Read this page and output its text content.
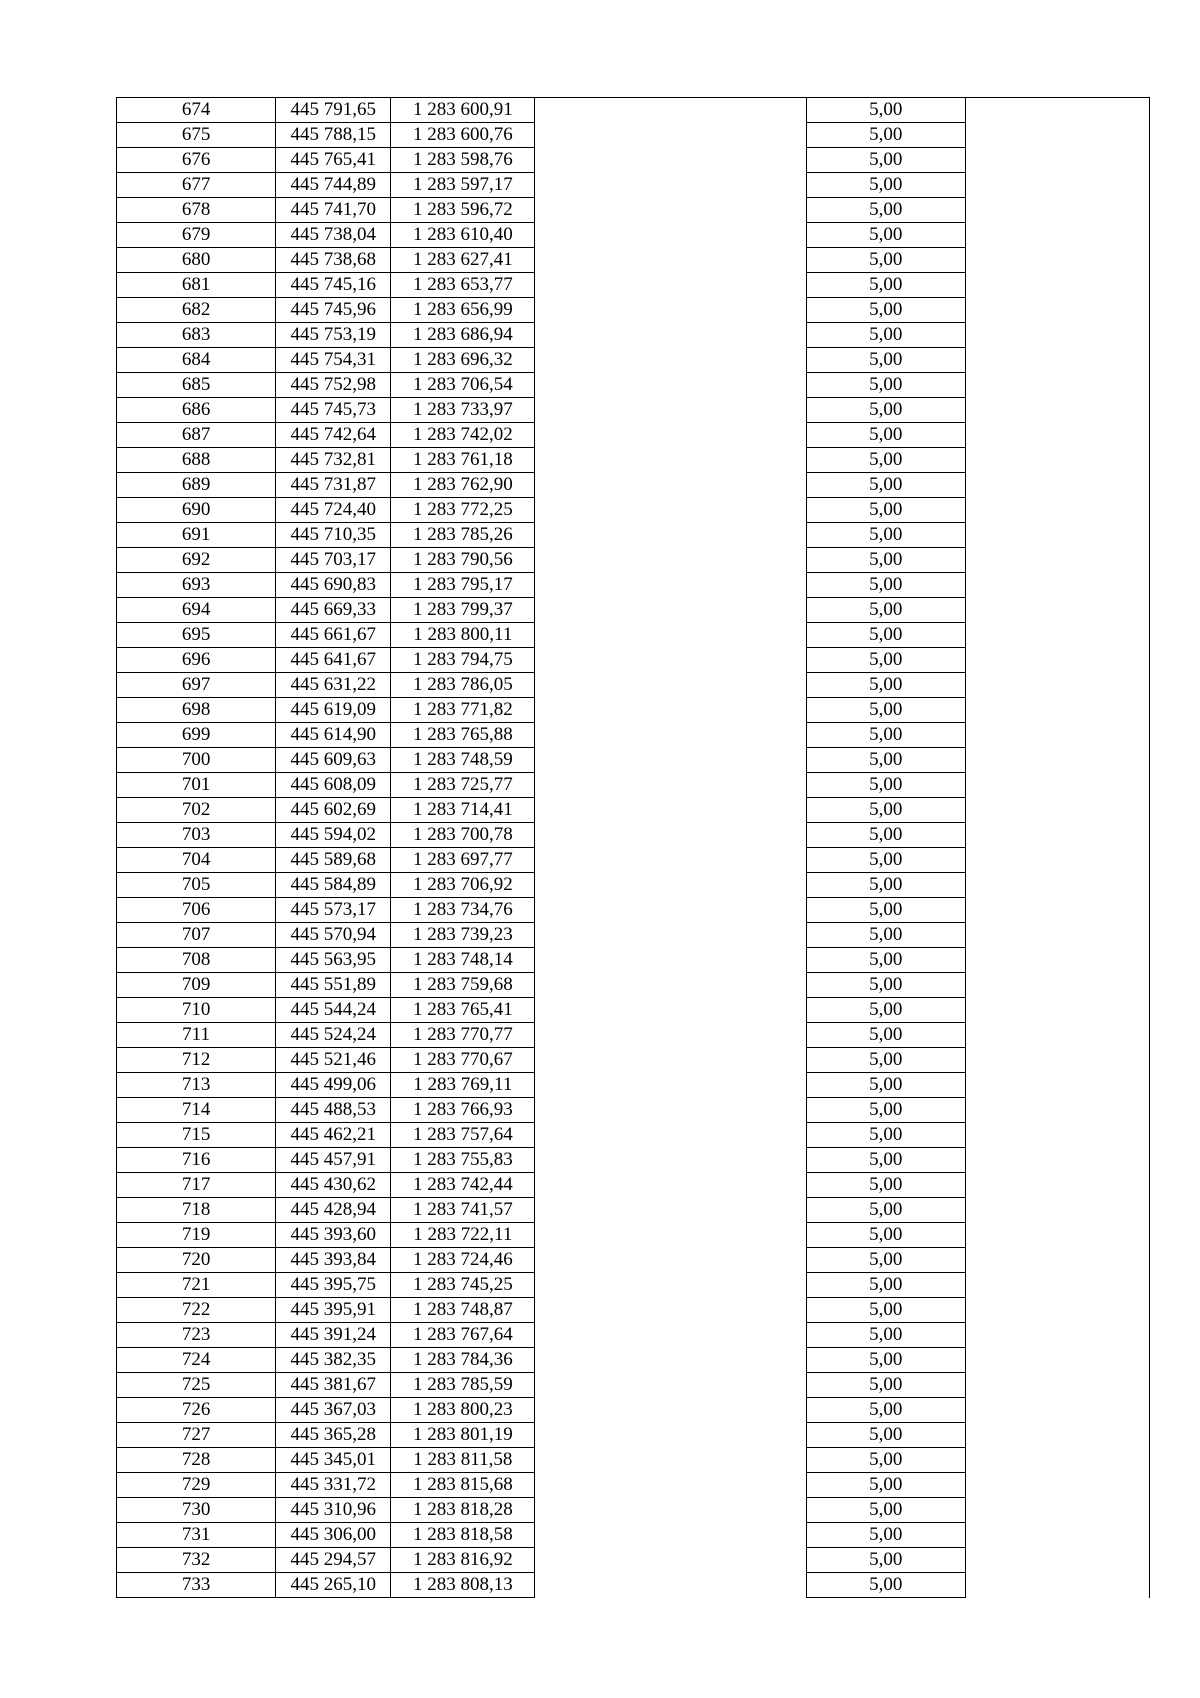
674	445 791,65	1 283 600,91		5,00	
675	445 788,15	1 283 600,76		5,00	
676	445 765,41	1 283 598,76		5,00	
677	445 744,89	1 283 597,17		5,00	
678	445 741,70	1 283 596,72		5,00	
679	445 738,04	1 283 610,40		5,00	
680	445 738,68	1 283 627,41		5,00	
681	445 745,16	1 283 653,77		5,00	
682	445 745,96	1 283 656,99		5,00	
683	445 753,19	1 283 686,94		5,00	
684	445 754,31	1 283 696,32		5,00	
685	445 752,98	1 283 706,54		5,00	
686	445 745,73	1 283 733,97		5,00	
687	445 742,64	1 283 742,02		5,00	
688	445 732,81	1 283 761,18		5,00	
689	445 731,87	1 283 762,90		5,00	
690	445 724,40	1 283 772,25		5,00	
691	445 710,35	1 283 785,26		5,00	
692	445 703,17	1 283 790,56		5,00	
693	445 690,83	1 283 795,17		5,00	
694	445 669,33	1 283 799,37		5,00	
695	445 661,67	1 283 800,11		5,00	
696	445 641,67	1 283 794,75		5,00	
697	445 631,22	1 283 786,05		5,00	
698	445 619,09	1 283 771,82		5,00	
699	445 614,90	1 283 765,88		5,00	
700	445 609,63	1 283 748,59		5,00	
701	445 608,09	1 283 725,77		5,00	
702	445 602,69	1 283 714,41		5,00	
703	445 594,02	1 283 700,78		5,00	
704	445 589,68	1 283 697,77		5,00	
705	445 584,89	1 283 706,92		5,00	
706	445 573,17	1 283 734,76		5,00	
707	445 570,94	1 283 739,23		5,00	
708	445 563,95	1 283 748,14		5,00	
709	445 551,89	1 283 759,68		5,00	
710	445 544,24	1 283 765,41		5,00	
711	445 524,24	1 283 770,77		5,00	
712	445 521,46	1 283 770,67		5,00	
713	445 499,06	1 283 769,11		5,00	
714	445 488,53	1 283 766,93		5,00	
715	445 462,21	1 283 757,64		5,00	
716	445 457,91	1 283 755,83		5,00	
717	445 430,62	1 283 742,44		5,00	
718	445 428,94	1 283 741,57		5,00	
719	445 393,60	1 283 722,11		5,00	
720	445 393,84	1 283 724,46		5,00	
721	445 395,75	1 283 745,25		5,00	
722	445 395,91	1 283 748,87		5,00	
723	445 391,24	1 283 767,64		5,00	
724	445 382,35	1 283 784,36		5,00	
725	445 381,67	1 283 785,59		5,00	
726	445 367,03	1 283 800,23		5,00	
727	445 365,28	1 283 801,19		5,00	
728	445 345,01	1 283 811,58		5,00	
729	445 331,72	1 283 815,68		5,00	
730	445 310,96	1 283 818,28		5,00	
731	445 306,00	1 283 818,58		5,00	
732	445 294,57	1 283 816,92		5,00	
733	445 265,10	1 283 808,13		5,00	
